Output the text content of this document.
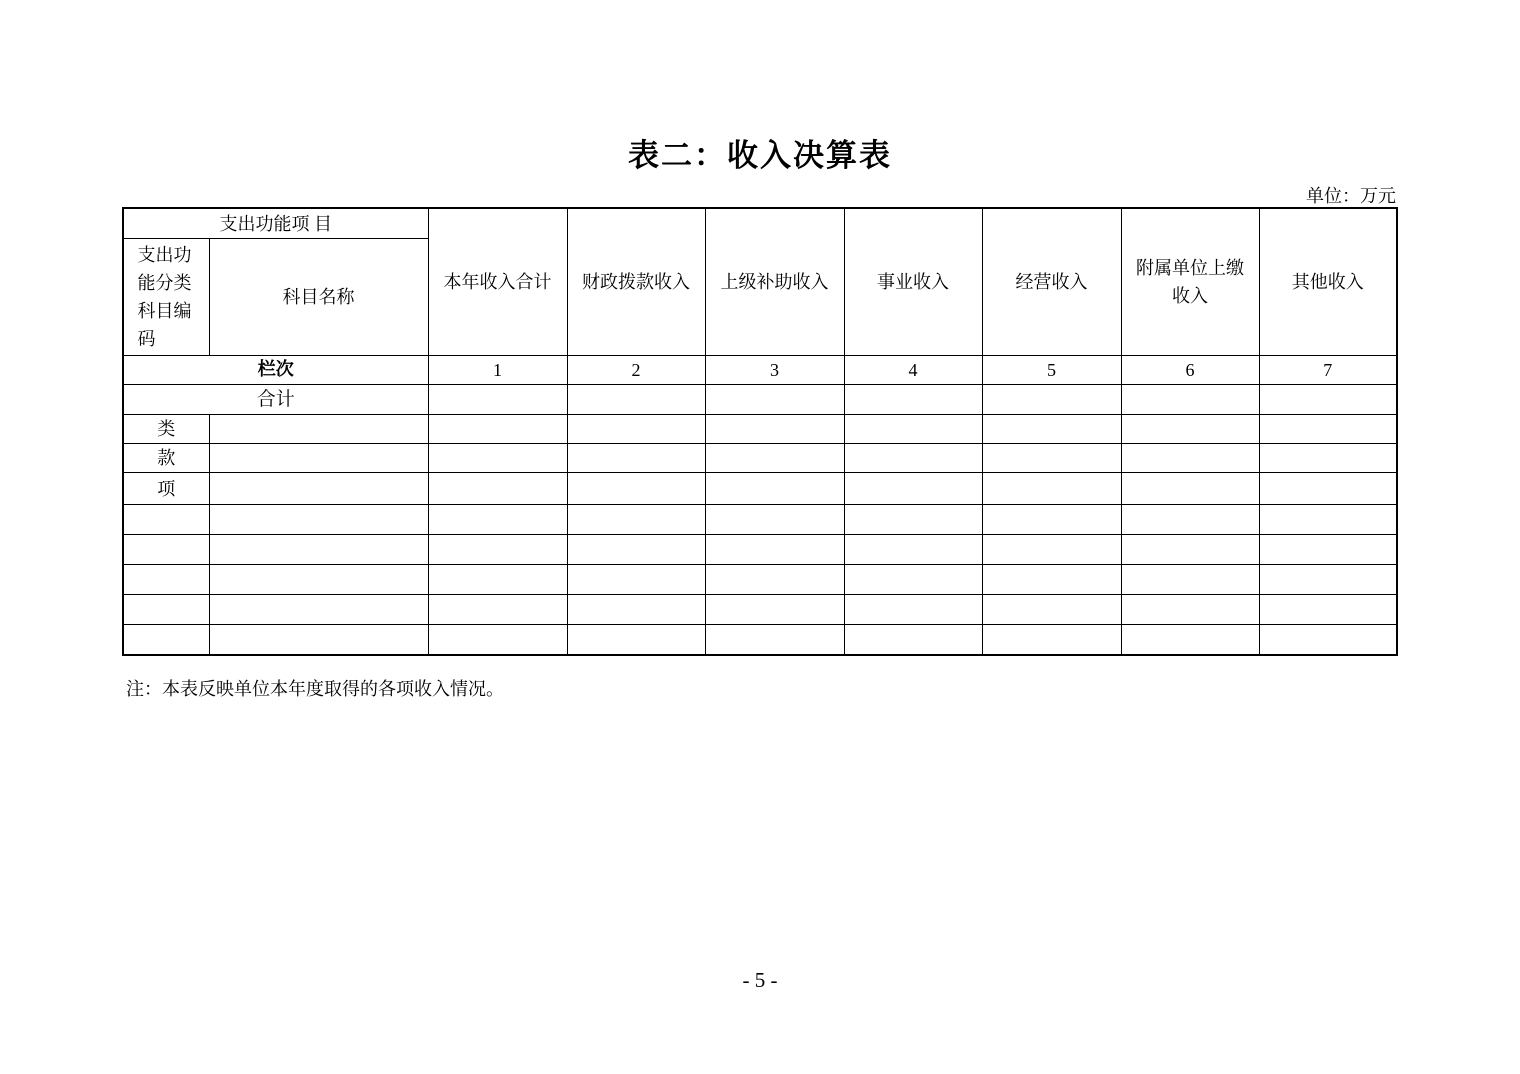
表二：收入决算表
单位：万元
支出功能项 目		本年收入合计	财政拨款收入	上级补助收入	事业收入	经营收入	附属单位上缴收入	其他收入
支出功能分类科目编码	科目名称							
栏次		1	2	3	4	5	6	7
合计								
类								
款								
项								

注：本表反映单位本年度取得的各项收入情况。
- 5 -
